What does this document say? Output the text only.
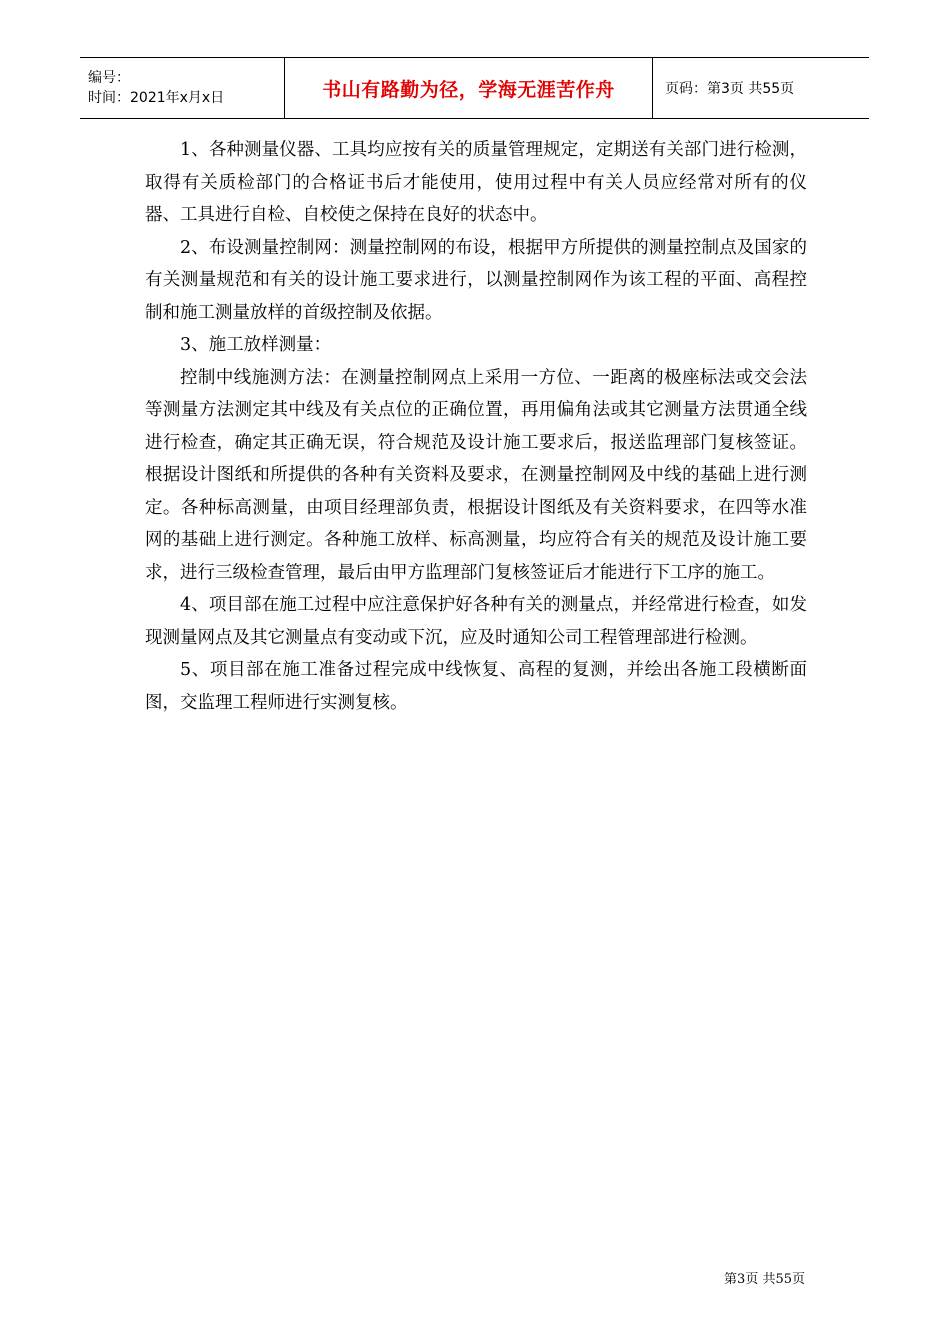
编号：
时间：2021年x月x日	书山有路勤为径，学海无涯苦作舟	页码：第3页 共55页

1、各种测量仪器、工具均应按有关的质量管理规定，定期送有关部门进行检测，取得有关质检部门的合格证书后才能使用，使用过程中有关人员应经常对所有的仪器、工具进行自检、自校使之保持在良好的状态中。

2、布设测量控制网：测量控制网的布设，根据甲方所提供的测量控制点及国家的有关测量规范和有关的设计施工要求进行，以测量控制网作为该工程的平面、高程控制和施工测量放样的首级控制及依据。

3、施工放样测量：

控制中线施测方法：在测量控制网点上采用一方位、一距离的极座标法或交会法等测量方法测定其中线及有关点位的正确位置，再用偏角法或其它测量方法贯通全线进行检查，确定其正确无误，符合规范及设计施工要求后，报送监理部门复核签证。根据设计图纸和所提供的各种有关资料及要求，在测量控制网及中线的基础上进行测定。各种标高测量，由项目经理部负责，根据设计图纸及有关资料要求，在四等水准网的基础上进行测定。各种施工放样、标高测量，均应符合有关的规范及设计施工要求，进行三级检查管理，最后由甲方监理部门复核签证后才能进行下工序的施工。

4、项目部在施工过程中应注意保护好各种有关的测量点，并经常进行检查，如发现测量网点及其它测量点有变动或下沉，应及时通知公司工程管理部进行检测。

5、项目部在施工准备过程完成中线恢复、高程的复测，并绘出各施工段横断面图，交监理工程师进行实测复核。

第3页 共55页
